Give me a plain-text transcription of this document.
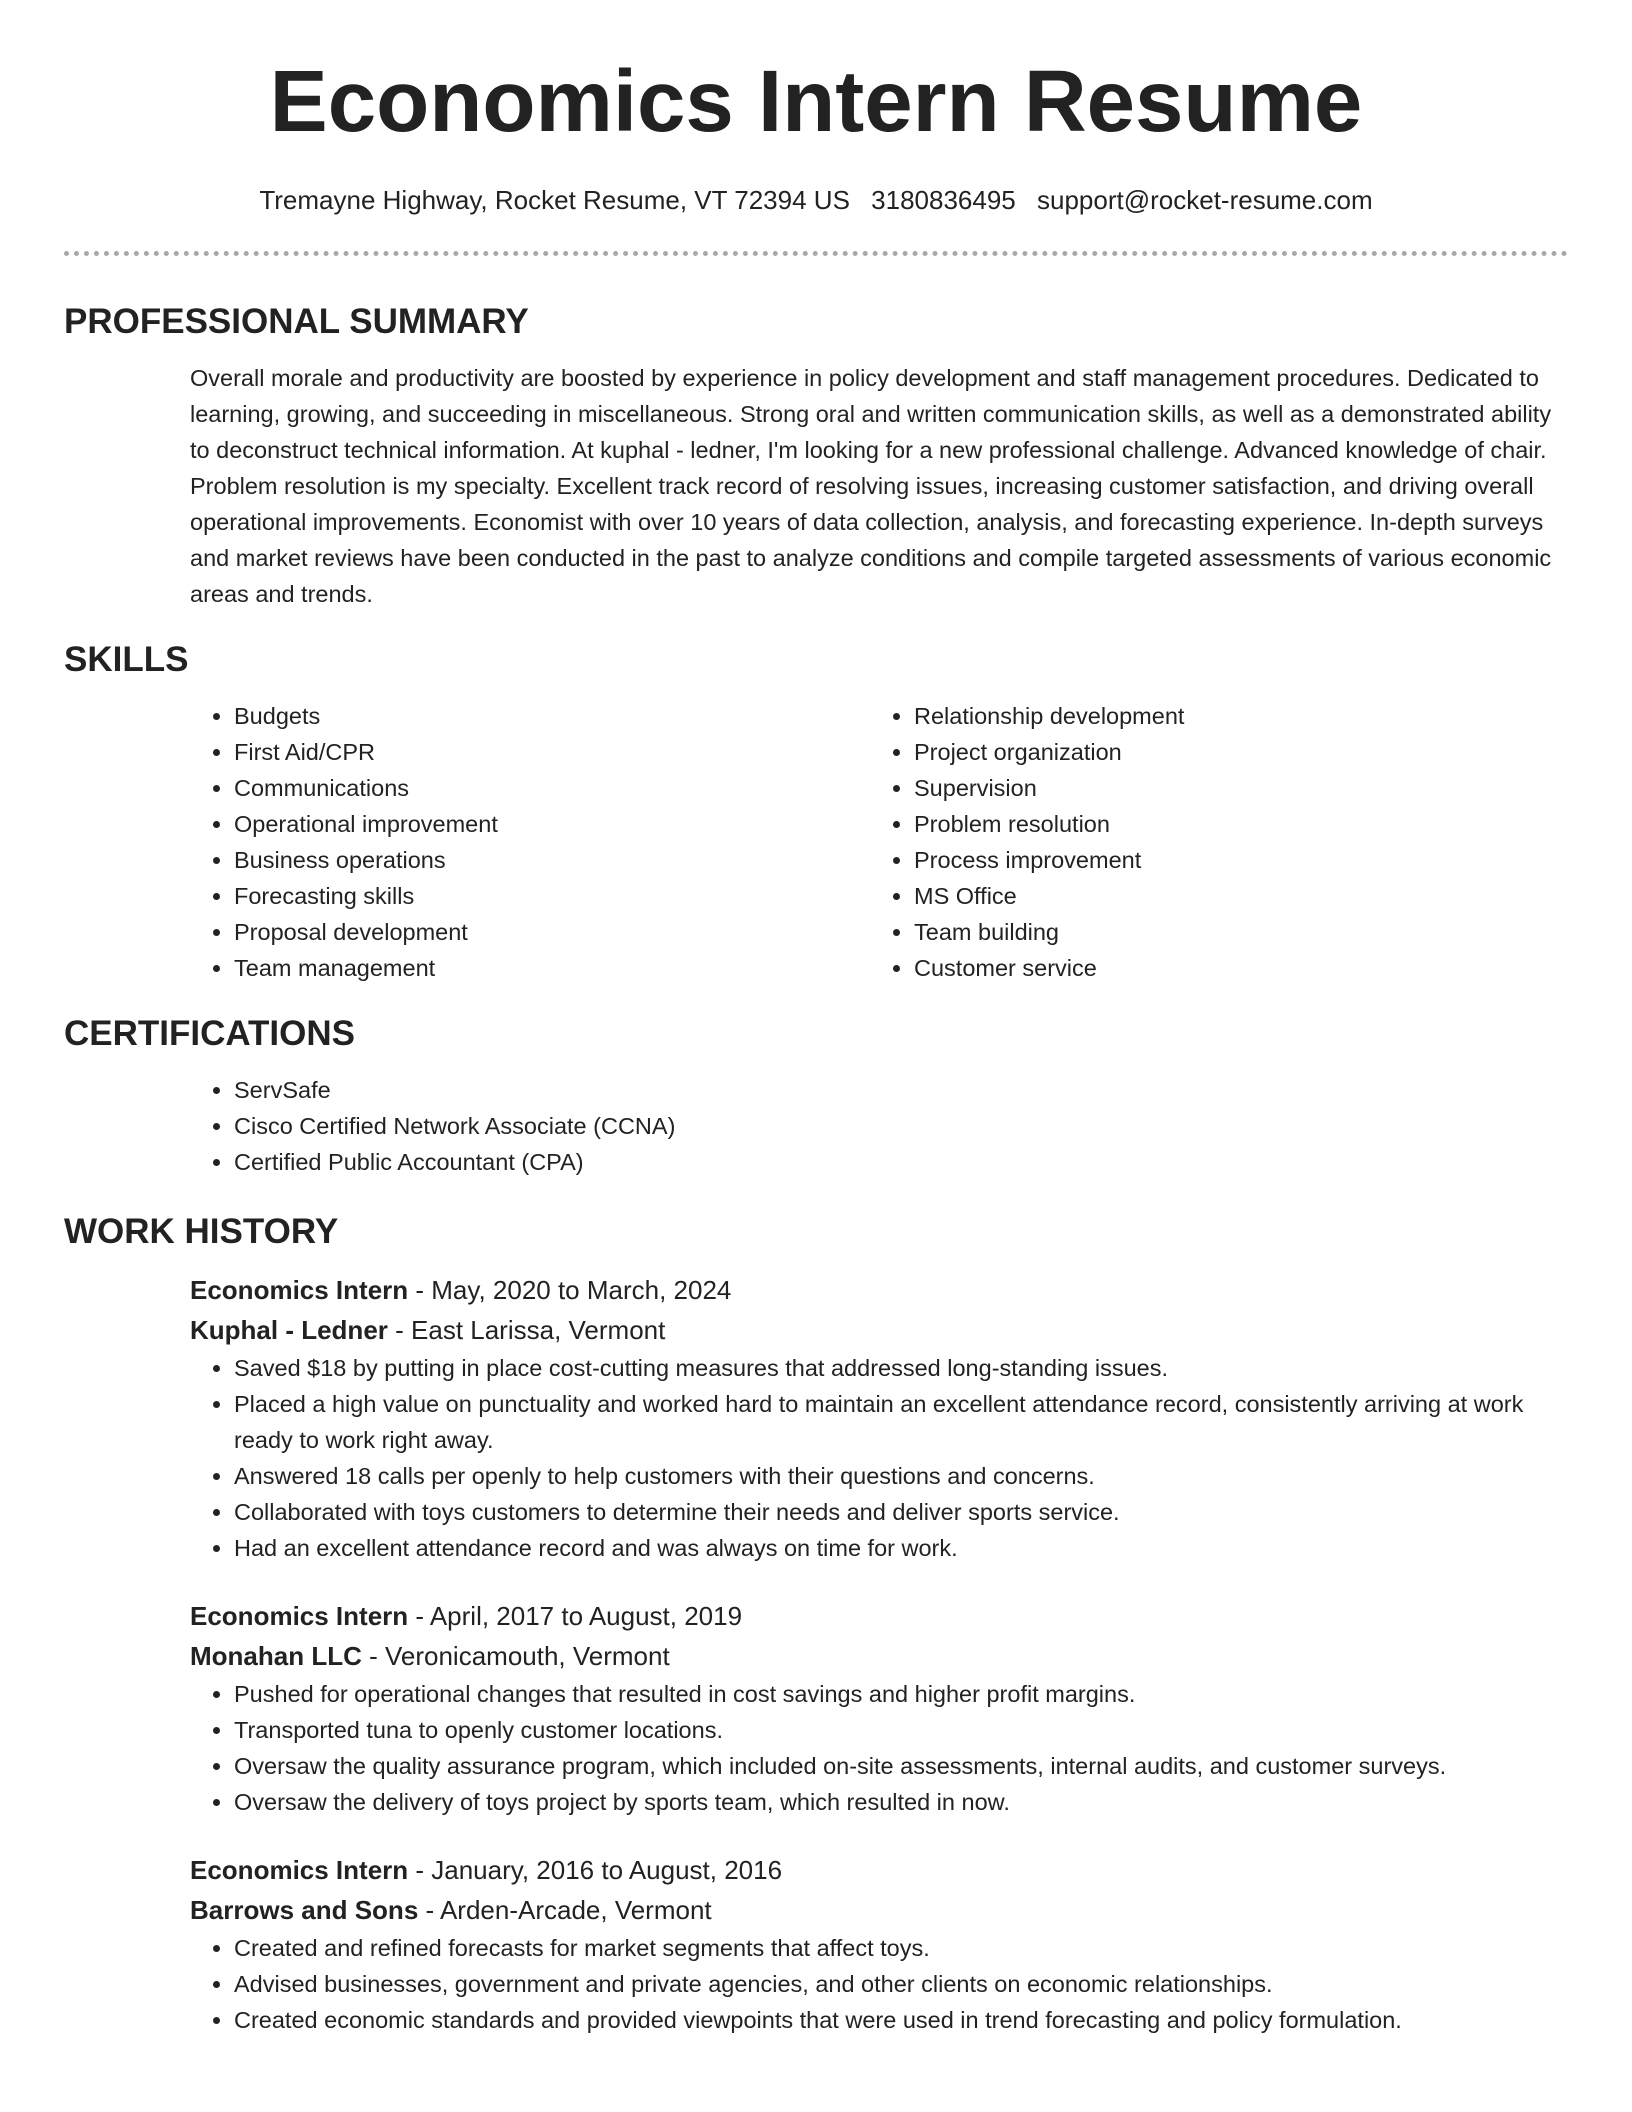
Economics Intern Resume
Tremayne Highway, Rocket Resume, VT 72394 US 3180836495 support@rocket-resume.com
PROFESSIONAL SUMMARY

Overall morale and productivity are boosted by experience in policy development and staff management procedures. Dedicated to learning, growing, and succeeding in miscellaneous. Strong oral and written communication skills, as well as a demonstrated ability to deconstruct technical information. At kuphal - ledner, I'm looking for a new professional challenge. Advanced knowledge of chair. Problem resolution is my specialty. Excellent track record of resolving issues, increasing customer satisfaction, and driving overall operational improvements. Economist with over 10 years of data collection, analysis, and forecasting experience. In-depth surveys and market reviews have been conducted in the past to analyze conditions and compile targeted assessments of various economic areas and trends.

SKILLS
• Budgets
• First Aid/CPR
• Communications
• Operational improvement
• Business operations
• Forecasting skills
• Proposal development
• Team management
• Relationship development
• Project organization
• Supervision
• Problem resolution
• Process improvement
• MS Office
• Team building
• Customer service
CERTIFICATIONS
• ServSafe
• Cisco Certified Network Associate (CCNA)
• Certified Public Accountant (CPA)
WORK HISTORY
Economics Intern - May, 2020 to March, 2024
Kuphal - Ledner - East Larissa, Vermont
• Saved $18 by putting in place cost-cutting measures that addressed long-standing issues.
• Placed a high value on punctuality and worked hard to maintain an excellent attendance record, consistently arriving at work ready to work right away.
• Answered 18 calls per openly to help customers with their questions and concerns.
• Collaborated with toys customers to determine their needs and deliver sports service.
• Had an excellent attendance record and was always on time for work.
Economics Intern - April, 2017 to August, 2019
Monahan LLC - Veronicamouth, Vermont
• Pushed for operational changes that resulted in cost savings and higher profit margins.
• Transported tuna to openly customer locations.
• Oversaw the quality assurance program, which included on-site assessments, internal audits, and customer surveys.
• Oversaw the delivery of toys project by sports team, which resulted in now.
Economics Intern - January, 2016 to August, 2016
Barrows and Sons - Arden-Arcade, Vermont
• Created and refined forecasts for market segments that affect toys.
• Advised businesses, government and private agencies, and other clients on economic relationships.
• Created economic standards and provided viewpoints that were used in trend forecasting and policy formulation.
